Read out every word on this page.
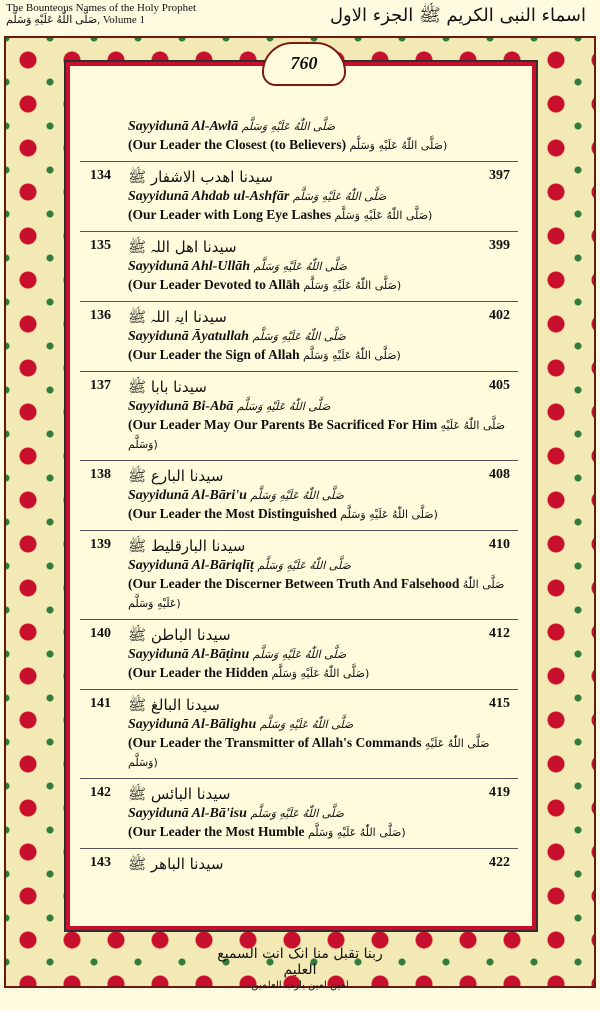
The Bounteous Names of the Holy Prophet
صَلَّى اللّٰهُ عَلَيْهِ وَسَلَّم, Volume 1	اسماء النبی الکریم ﷺ الجزء الاول
760
Sayyidunā Al-Awlā صَلَّى اللّٰهُ عَلَيْهِ وَسَلَّم
(Our Leader the Closest (to Believers) صَلَّى اللّٰهُ عَلَيْهِ وَسَلَّم)
134 سیدنا اھدب الاشفار ﷺ	397
Sayyidunā Ahdab ul-Ashfār صَلَّى اللّٰهُ عَلَيْهِ وَسَلَّم
(Our Leader with Long Eye Lashes صَلَّى اللّٰهُ عَلَيْهِ وَسَلَّم)
135 سیدنا اھل اللہ ﷺ	399
Sayyidunā Ahl-Ullāh صَلَّى اللّٰهُ عَلَيْهِ وَسَلَّم
(Our Leader Devoted to Allāh صَلَّى اللّٰهُ عَلَيْهِ وَسَلَّم)
136 سیدنا ایۃ اللہ ﷺ	402
Sayyidunā Āyatullah صَلَّى اللّٰهُ عَلَيْهِ وَسَلَّم
(Our Leader the Sign of Allah صَلَّى اللّٰهُ عَلَيْهِ وَسَلَّم)
137 سیدنا بابا ﷺ	405
Sayyidunā Bi-Abā صَلَّى اللّٰهُ عَلَيْهِ وَسَلَّم
(Our Leader May Our Parents Be Sacrificed For Him صَلَّى اللّٰهُ عَلَيْهِ وَسَلَّم)
138 سیدنا البارع ﷺ	408
Sayyidunā Al-Bāri'u صَلَّى اللّٰهُ عَلَيْهِ وَسَلَّم
(Our Leader the Most Distinguished صَلَّى اللّٰهُ عَلَيْهِ وَسَلَّم)
139 سیدنا البارقلیط ﷺ	410
Sayyidunā Al-Bāriqlīṭ صَلَّى اللّٰهُ عَلَيْهِ وَسَلَّم
(Our Leader the Discerner Between Truth And Falsehood صَلَّى اللّٰهُ عَلَيْهِ وَسَلَّم)
140 سیدنا الباطن ﷺ	412
Sayyidunā Al-Bāṭinu صَلَّى اللّٰهُ عَلَيْهِ وَسَلَّم
(Our Leader the Hidden صَلَّى اللّٰهُ عَلَيْهِ وَسَلَّم)
141 سیدنا البالغ ﷺ	415
Sayyidunā Al-Bālighu صَلَّى اللّٰهُ عَلَيْهِ وَسَلَّم
(Our Leader the Transmitter of Allah's Commands صَلَّى اللّٰهُ عَلَيْهِ وَسَلَّم)
142 سیدنا البائس ﷺ	419
Sayyidunā Al-Bā'isu صَلَّى اللّٰهُ عَلَيْهِ وَسَلَّم
(Our Leader the Most Humble صَلَّى اللّٰهُ عَلَيْهِ وَسَلَّم)
143 سیدنا الباھر ﷺ	422
ربنا تقبل منا انک انت السمیع العلیم
امین امین یارب العلمین
